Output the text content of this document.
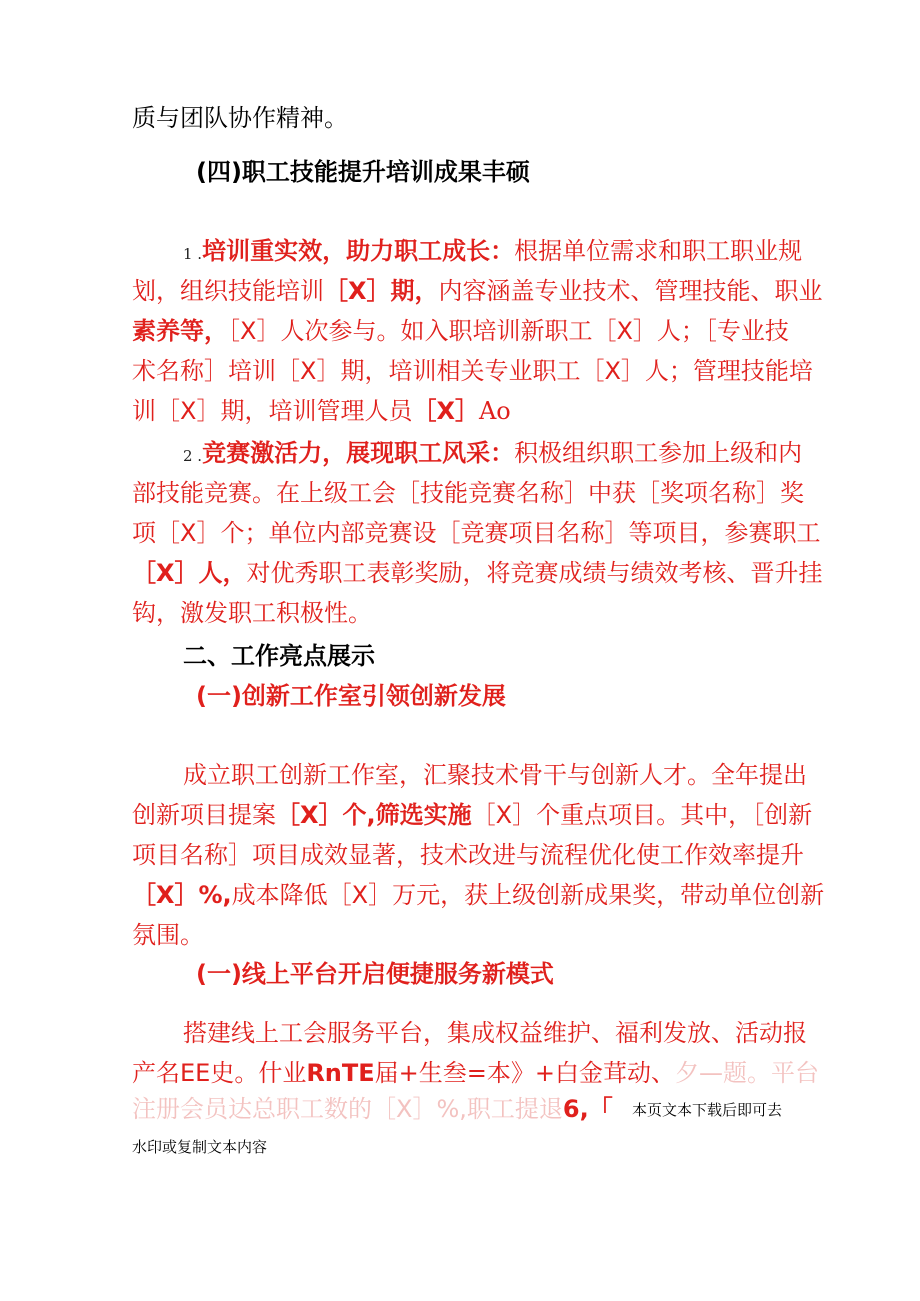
质与团队协作精神。
(四)职工技能提升培训成果丰硕
1 .培训重实效，助力职工成长：根据单位需求和职工职业规
划，组织技能培训［X］期，内容涵盖专业技术、管理技能、职业
素养等，［X］人次参与。如入职培训新职工［X］人；［专业技
术名称］培训［X］期，培训相关专业职工［X］人；管理技能培
训［X］期，培训管理人员［X］Ao
2 .竞赛激活力，展现职工风采：积极组织职工参加上级和内
部技能竞赛。在上级工会［技能竞赛名称］中获［奖项名称］奖
项［X］个；单位内部竞赛设［竞赛项目名称］等项目，参赛职工
［X］人，对优秀职工表彰奖励，将竞赛成绩与绩效考核、晋升挂
钩，激发职工积极性。
二、工作亮点展示
(一)创新工作室引领创新发展
成立职工创新工作室，汇聚技术骨干与创新人才。全年提出
创新项目提案［X］个,筛选实施［X］个重点项目。其中，［创新
项目名称］项目成效显著，技术改进与流程优化使工作效率提升
［X］%,成本降低［X］万元，获上级创新成果奖，带动单位创新
氛围。
(一)线上平台开启便捷服务新模式
搭建线上工会服务平台，集成权益维护、福利发放、活动报
产名EE史。什业RnTE届+生叁=本》+白金茸动、夕—题。平台
注册会员达总职工数的［X］%,职工提退6,「 本页文本下载后即可去
水印或复制文本内容
